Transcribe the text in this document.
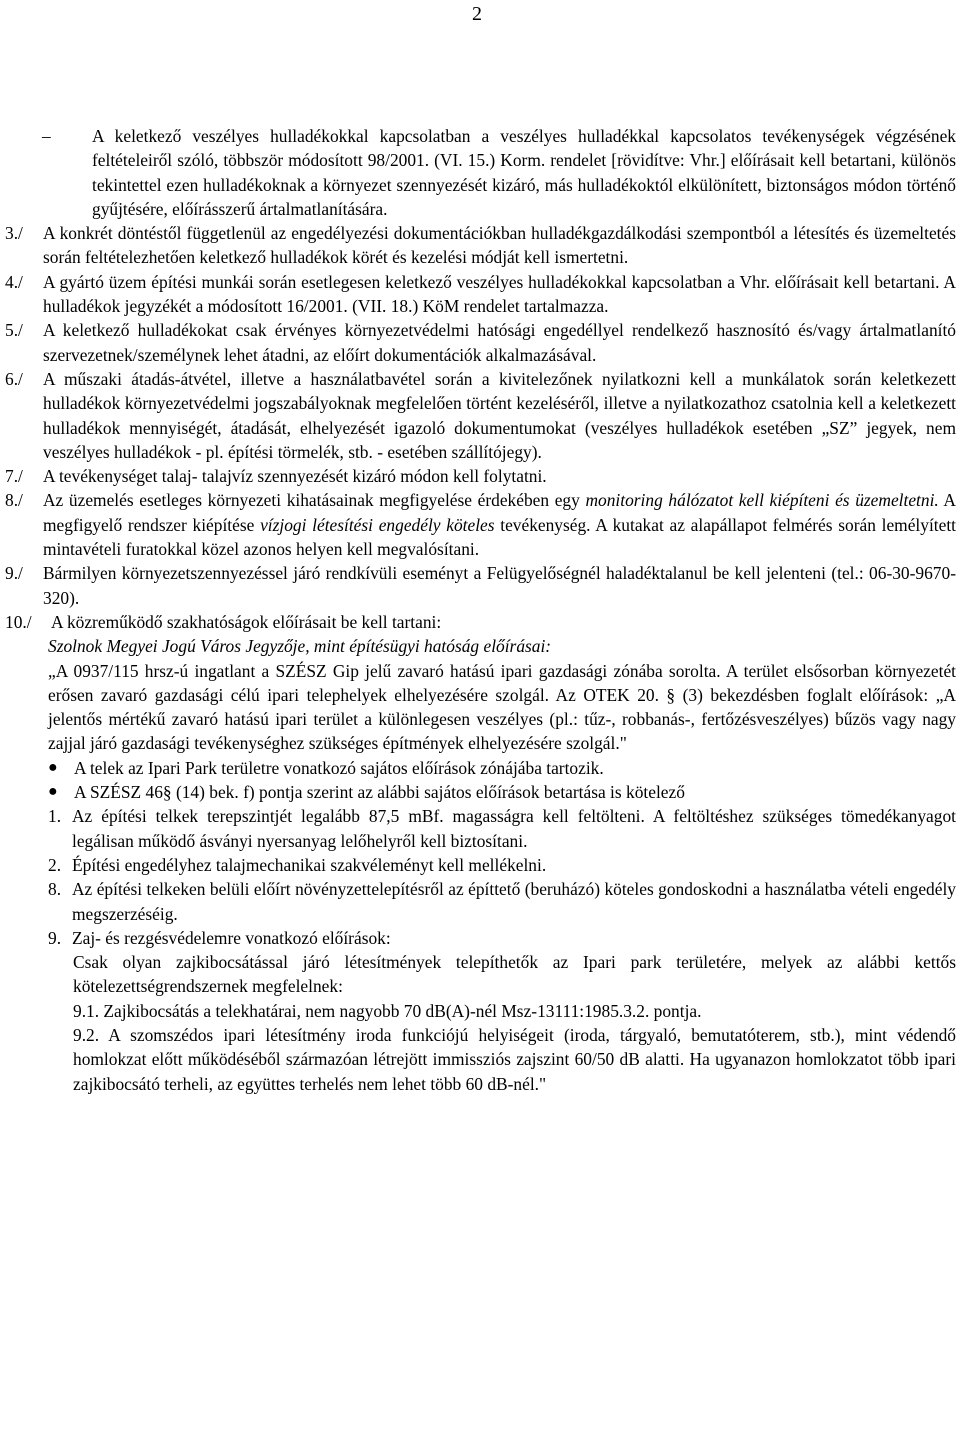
2
–	A keletkező veszélyes hulladékokkal kapcsolatban a veszélyes hulladékkal kapcsolatos tevékenységek végzésének feltételeiről szóló, többször módosított 98/2001. (VI. 15.) Korm. rendelet [rövidítve: Vhr.] előírásait kell betartani, különös tekintettel ezen hulladékoknak a környezet szennyezését kizáró, más hulladékoktól elkülönített, biztonságos módon történő gyűjtésére, előírásszerű ártalmatlanítására.
3./	A konkrét döntéstől függetlenül az engedélyezési dokumentációkban hulladékgazdálkodási szempontból a létesítés és üzemeltetés során feltételezhetően keletkező hulladékok körét és kezelési módját kell ismertetni.
4./	A gyártó üzem építési munkái során esetlegesen keletkező veszélyes hulladékokkal kapcsolatban a Vhr. előírásait kell betartani. A hulladékok jegyzékét a módosított 16/2001. (VII. 18.) KöM rendelet tartalmazza.
5./	A keletkező hulladékokat csak érvényes környezetvédelmi hatósági engedéllyel rendelkező hasznosító és/vagy ártalmatlanító szervezetnek/személynek lehet átadni, az előírt dokumentációk alkalmazásával.
6./	A műszaki átadás-átvétel, illetve a használatbavétel során a kivitelezőnek nyilatkozni kell a munkálatok során keletkezett hulladékok környezetvédelmi jogszabályoknak megfelelően történt kezeléséről, illetve a nyilatkozathoz csatolnia kell a keletkezett hulladékok mennyiségét, átadását, elhelyezését igazoló dokumentumokat (veszélyes hulladékok esetében „SZ” jegyek, nem veszélyes hulladékok - pl. építési törmelék, stb. - esetében szállítójegy).
7./	A tevékenységet talaj- talajvíz szennyezését kizáró módon kell folytatni.
8./	Az üzemelés esetleges környezeti kihatásainak megfigyelése érdekében egy monitoring hálózatot kell kiépíteni és üzemeltetni. A megfigyelő rendszer kiépítése vízjogi létesítési engedély köteles tevékenység. A kutakat az alapállapot felmérés során lemélyített mintavételi furatokkal közel azonos helyen kell megvalósítani.
9./	Bármilyen környezetszennyezéssel járó rendkívüli eseményt a Felügyelőségnél haladéktalanul be kell jelenteni (tel.: 06-30-9670-320).
10./	A közreműködő szakhatóságok előírásait be kell tartani:
Szolnok Megyei Jogú Város Jegyzője, mint építésügyi hatóság előírásai:
„A 0937/115 hrsz-ú ingatlant a SZÉSZ Gip jelű zavaró hatású ipari gazdasági zónába sorolta. A terület elsősorban környezetét erősen zavaró gazdasági célú ipari telephelyek elhelyezésére szolgál. Az OTEK 20. § (3) bekezdésben foglalt előírások: „A jelentős mértékű zavaró hatású ipari terület a különlegesen veszélyes (pl.: tűz-, robbanás-, fertőzésveszélyes) bűzös vagy nagy zajjal járó gazdasági tevékenységhez szükséges építmények elhelyezésére szolgál."
● A telek az Ipari Park területre vonatkozó sajátos előírások zónájába tartozik.
● A SZÉSZ 46§ (14) bek. f) pontja szerint az alábbi sajátos előírások betartása is kötelező
1. Az építési telkek terepszintjét legalább 87,5 mBf. magasságra kell feltölteni. A feltöltéshez szükséges tömedékanyagot legálisan működő ásványi nyersanyag lelőhelyről kell biztosítani.
2. Építési engedélyhez talajmechanikai szakvéleményt kell mellékelni.
8. Az építési telkeken belüli előírt növényzettelepítésről az építtető (beruházó) köteles gondoskodni a használatba vételi engedély megszerzéséig.
9. Zaj- és rezgésvédelemre vonatkozó előírások:
Csak olyan zajkibocsátással járó létesítmények telepíthetők az Ipari park területére, melyek az alábbi kettős kötelezettségrendszernek megfelelnek:
9.1. Zajkibocsátás a telekhatárai, nem nagyobb 70 dB(A)-nél Msz-13111:1985.3.2. pontja.
9.2. A szomszédos ipari létesítmény iroda funkciójú helyiségeit (iroda, tárgyaló, bemutatóterem, stb.), mint védendő homlokzat előtt működéséből származóan létrejött immissziós zajszint 60/50 dB alatti. Ha ugyanazon homlokzatot több ipari zajkibocsátó terheli, az együttes terhelés nem lehet több 60 dB-nél."
